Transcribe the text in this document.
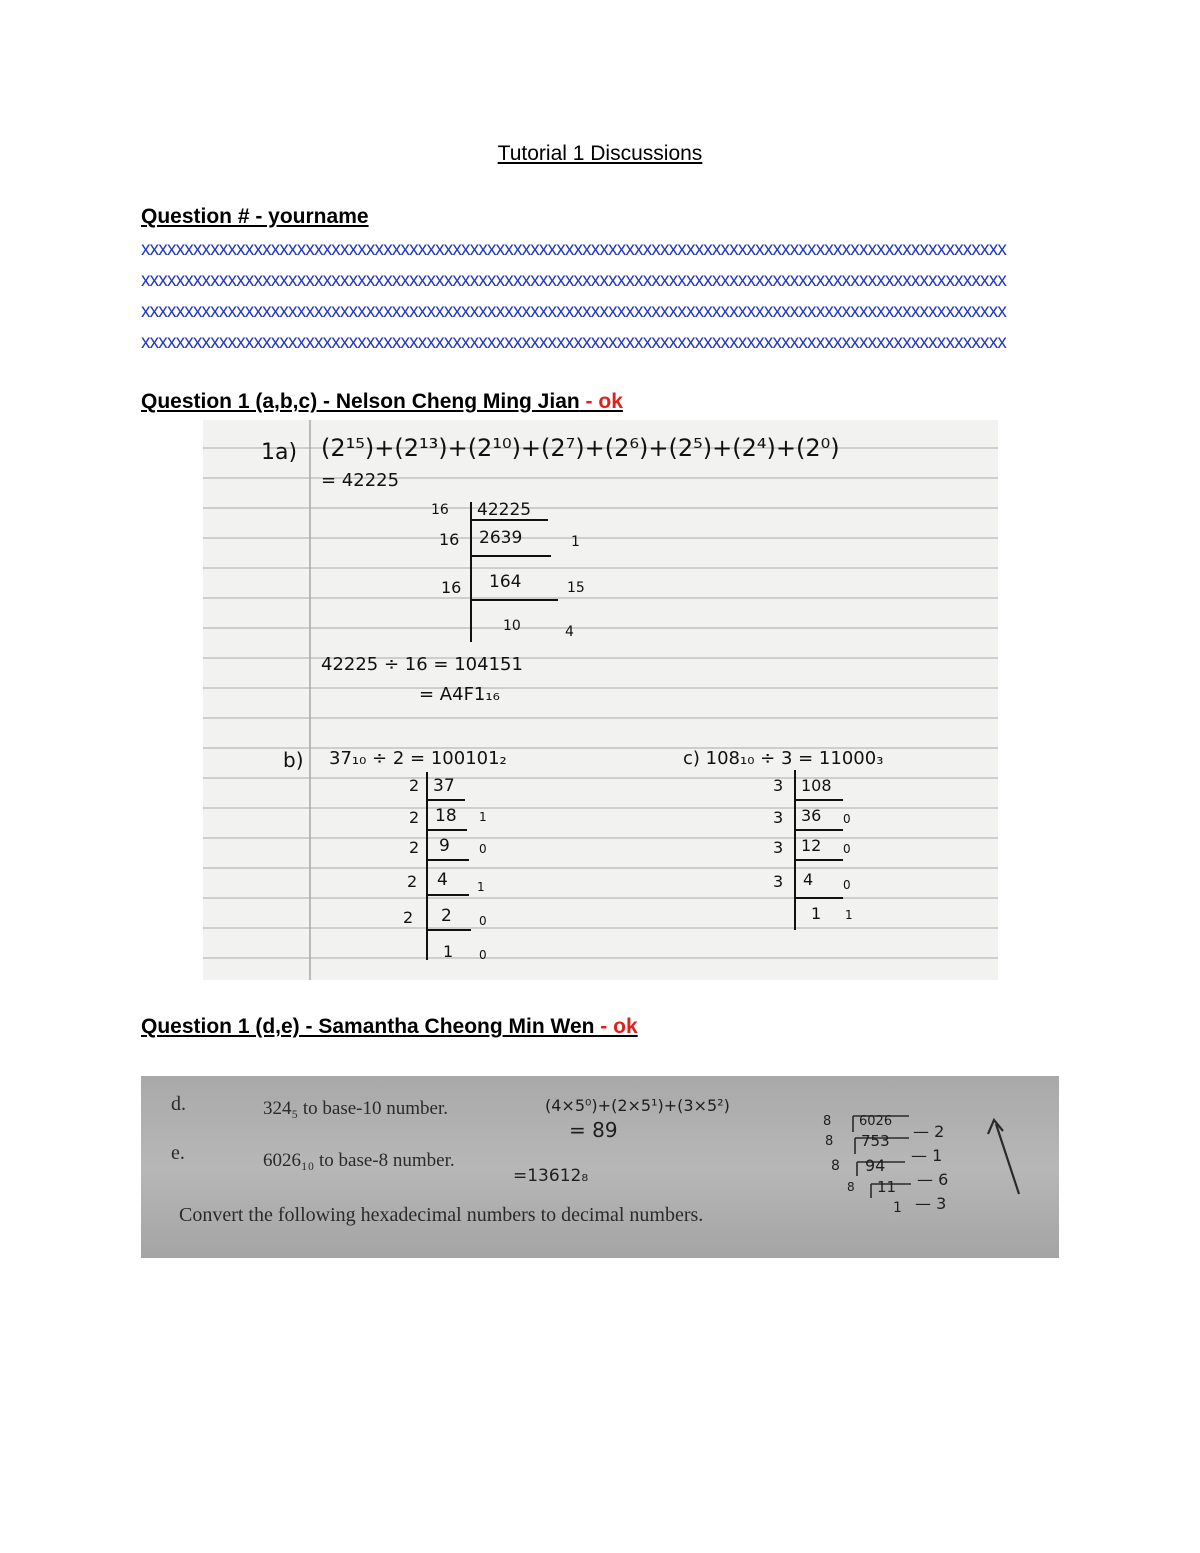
Tutorial 1 Discussions
Question # - yourname
xxxxxxxxxxxxxxxxxxxxxxxxxxxxxxxxxxxxxxxxxxxxxxxxxxxxxxxxxxxxxxxxxxxxxxxxxxxxxxxxxxxxxxxxxxxxxxxxxxxx
xxxxxxxxxxxxxxxxxxxxxxxxxxxxxxxxxxxxxxxxxxxxxxxxxxxxxxxxxxxxxxxxxxxxxxxxxxxxxxxxxxxxxxxxxxxxxxxxxxxx
xxxxxxxxxxxxxxxxxxxxxxxxxxxxxxxxxxxxxxxxxxxxxxxxxxxxxxxxxxxxxxxxxxxxxxxxxxxxxxxxxxxxxxxxxxxxxxxxxxxx
xxxxxxxxxxxxxxxxxxxxxxxxxxxxxxxxxxxxxxxxxxxxxxxxxxxxxxxxxxxxxxxxxxxxxxxxxxxxxxxxxxxxxxxxxxxxxxxxxxxx
Question 1 (a,b,c) - Nelson Cheng Ming Jian - ok
1a) (2¹⁵)+(2¹³)+(2¹⁰)+(2⁷)+(2⁶)+(2⁵)+(2⁴)+(2⁰)
= 42225
16 42225
16 2639	1
16 164	15
10	4
42225 ÷ 16 = 104151
= A4F1₁₆
b) 37₁₀ ÷ 2 = 100101₂
2 37
2 18 1
2 9 0
2 4 1
2 2 0
1 0
c) 108₁₀ ÷ 3 = 11000₃
3 108
3 36 0
3 12 0
3 4 0
1 1
Question 1 (d,e) - Samantha Cheong Min Wen - ok
d.	324₅ to base-10 number.	(4×5⁰)+(2×5¹)+(3×5²)
= 89
e.	6026₁₀ to base-8 number.
=13612₈
Convert the following hexadecimal numbers to decimal numbers.
8 6026
8 753 — 2
8 94
— 1
8 11 — 6
1 — 3
